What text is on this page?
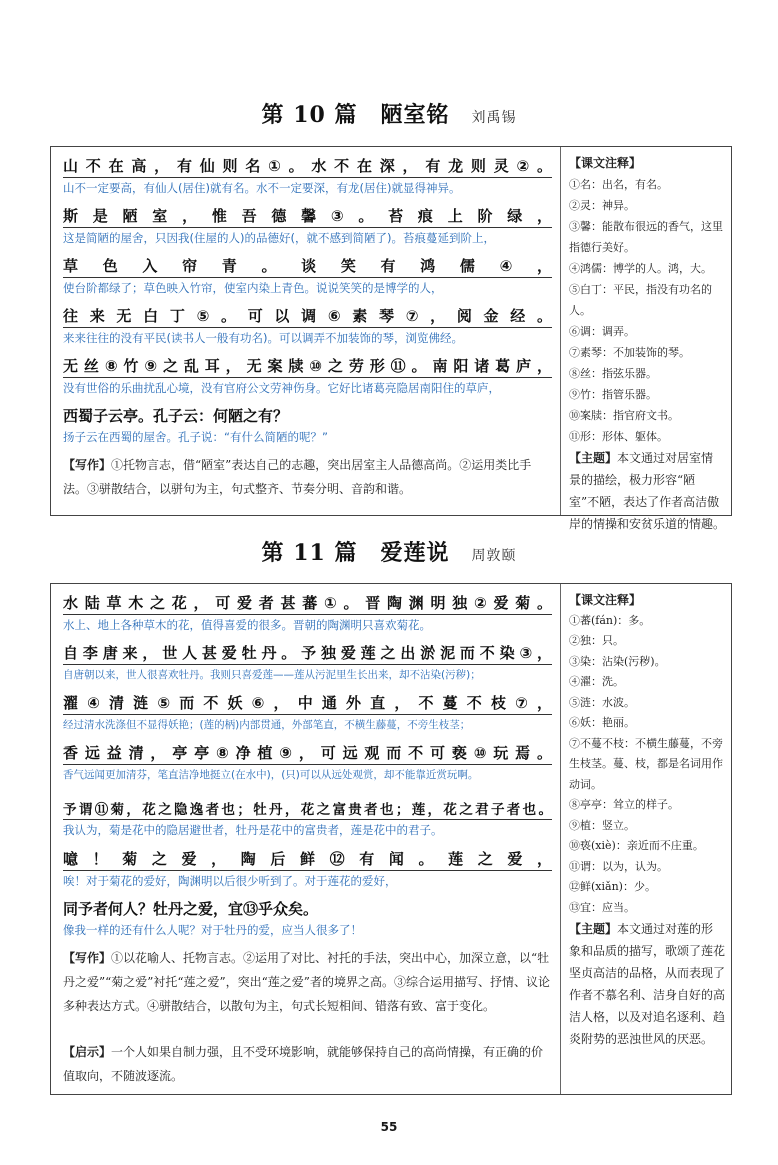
第 10 篇　陋室铭 刘禹锡
山不在高，有仙则名①。水不在深，有龙则灵②。
山不一定要高，有仙人(居住)就有名。水不一定要深，有龙(居住)就显得神异。
斯是陋室，惟吾德馨③。苔痕上阶绿，
这是简陋的屋舍，只因我(住屋的人)的品德好(，就不感到简陋了)。苔痕蔓延到阶上，
草色入帘青。谈笑有鸿儒④，
使台阶都绿了；草色映入竹帘，使室内染上青色。说说笑笑的是博学的人，
往来无白丁⑤。可以调⑥素琴⑦，阅金经。
来来往往的没有平民(读书人一般有功名)。可以调弄不加装饰的琴，浏览佛经。
无丝⑧竹⑨之乱耳，无案牍⑩之劳形⑪。南阳诸葛庐，
没有世俗的乐曲扰乱心境，没有官府公文劳神伤身。它好比诸葛亮隐居南阳住的草庐，
西蜀子云亭。孔子云：何陋之有？
扬子云在西蜀的屋舍。孔子说：“有什么简陋的呢？”
【写作】①托物言志，借“陋室”表达自己的志趣，突出居室主人品德高尚。②运用类比手法。③骈散结合，以骈句为主，句式整齐、节奏分明、音韵和谐。
【课文注释】
①名：出名，有名。
②灵：神异。
③馨：能散布很远的香气，这里指德行美好。
④鸿儒：博学的人。鸿，大。
⑤白丁：平民，指没有功名的人。
⑥调：调弄。
⑦素琴：不加装饰的琴。
⑧丝：指弦乐器。
⑨竹：指管乐器。
⑩案牍：指官府文书。
⑪形：形体、躯体。
【主题】本文通过对居室情景的描绘，极力形容“陋室”不陋，表达了作者高洁傲岸的情操和安贫乐道的情趣。
第 11 篇　爱莲说 周敦颐
水陆草木之花，可爱者甚蕃①。晋陶渊明独②爱菊。
水上、地上各种草木的花，值得喜爱的很多。晋朝的陶渊明只喜欢菊花。
自李唐来，世人甚爱牡丹。予独爱莲之出淤泥而不染③，
自唐朝以来，世人很喜欢牡丹。我则只喜爱莲——莲从污泥里生长出来，却不沾染(污秽)；
濯④清涟⑤而不妖⑥，中通外直，不蔓不枝⑦，
经过清水洗涤但不显得妖艳；(莲的柄)内部贯通，外部笔直，不横生藤蔓，不旁生枝茎；
香远益清，亭亭⑧净植⑨，可远观而不可亵⑩玩焉。
香气远闻更加清芬，笔直洁净地挺立(在水中)，(只)可以从远处观赏，却不能靠近赏玩啊。
予谓⑪菊，花之隐逸者也；牡丹，花之富贵者也；莲，花之君子者也。
我认为，菊是花中的隐居避世者，牡丹是花中的富贵者，莲是花中的君子。
噫！菊之爱，陶后鲜⑫有闻。莲之爱，
唉！对于菊花的爱好，陶渊明以后很少听到了。对于莲花的爱好，
同予者何人？牡丹之爱，宜⑬乎众矣。
像我一样的还有什么人呢？对于牡丹的爱，应当人很多了！
【写作】①以花喻人、托物言志。②运用了对比、衬托的手法，突出中心，加深立意，以“牡丹之爱”“菊之爱”衬托“莲之爱”，突出“莲之爱”者的境界之高。③综合运用描写、抒情、议论多种表达方式。④骈散结合，以散句为主，句式长短相间、错落有致、富于变化。
【启示】一个人如果自制力强，且不受环境影响，就能够保持自己的高尚情操，有正确的价值取向，不随波逐流。
【课文注释】
①蕃(fán)：多。
②独：只。
③染：沾染(污秽)。
④濯：洗。
⑤涟：水波。
⑥妖：艳丽。
⑦不蔓不枝：不横生藤蔓，不旁生枝茎。蔓、枝，都是名词用作动词。
⑧亭亭：耸立的样子。
⑨植：竖立。
⑩亵(xiè)：亲近而不庄重。
⑪谓：以为，认为。
⑫鲜(xiǎn)：少。
⑬宜：应当。
【主题】本文通过对莲的形象和品质的描写，歌颂了莲花坚贞高洁的品格，从而表现了作者不慕名利、洁身自好的高洁人格，以及对追名逐利、趋炎附势的恶浊世风的厌恶。
55
